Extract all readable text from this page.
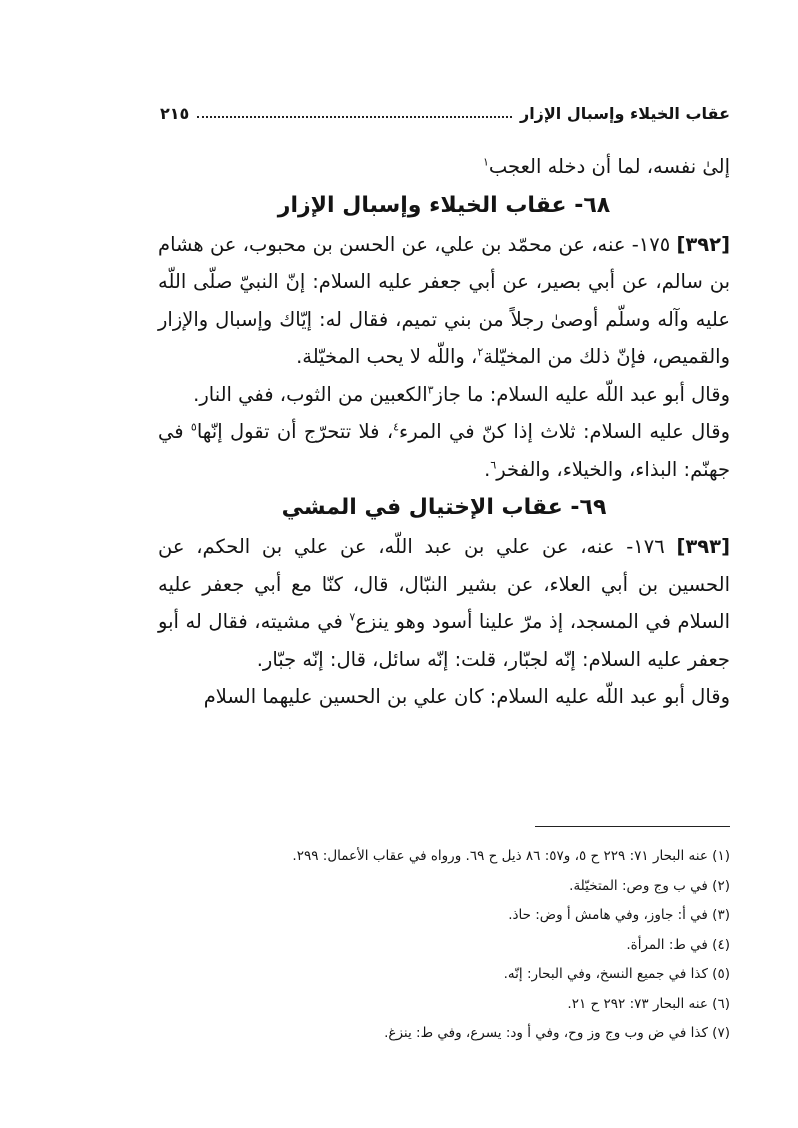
عقاب الخيلاء وإسبال الإزار
٢١٥

إلىٰ نفسه، لما أن دخله العجب$^١$

٦٨- عقاب الخيلاء وإسبال الإزار

[٣٩٢] ١٧٥- عنه، عن محمّد بن علي، عن الحسن بن محبوب، عن هشام بن سالم، عن أبي بصير، عن أبي جعفر عليه السلام: إنّ النبيّ صلّى اللّه عليه وآله وسلّم أوصىٰ رجلاً من بني تميم، فقال له: إيّاك وإسبال والإزار والقميص، فإنّ ذلك من المخيّلة$^٢$، واللّه لا يحب المخيّلة.

وقال أبو عبد اللّه عليه السلام: ما جاز$^٣$الكعبين من الثوب، ففي النار.

وقال عليه السلام: ثلاث إذا كنّ في المرء$^٤$، فلا تتحرّج أن تقول إنّها$^٥$ في جهنّم: البذاء، والخيلاء، والفخر$^٦$.

٦٩- عقاب الإختيال في المشي

[٣٩٣] ١٧٦- عنه، عن علي بن عبد اللّه، عن علي بن الحكم، عن الحسين بن أبي العلاء، عن بشير النبّال، قال، كنّا مع أبي جعفر عليه السلام في المسجد، إذ مرّ علينا أسود وهو ينزع$^٧$ في مشيته، فقال له أبو جعفر عليه السلام: إنّه لجبّار، قلت: إنّه سائل، قال: إنّه جبّار.

وقال أبو عبد اللّه عليه السلام: كان علي بن الحسين عليهما السلام

(١) عنه البحار ٧١: ٢٢٩ ح ٥، و٥٧: ٨٦ ذيل ح ٦٩. ورواه في عقاب الأعمال: ٢٩٩.
(٢) في ب وج وص: المتخيّلة.
(٣) في أ: جاوز، وفي هامش أ وض: حاذ.
(٤) في ط: المرأة.
(٥) كذا في جميع النسخ، وفي البحار: إنّه.
(٦) عنه البحار ٧٣: ٢٩٢ ح ٢١.
(٧) كذا في ض وب وج وز وح، وفي أ ود: يسرع، وفي ط: ينزغ.
